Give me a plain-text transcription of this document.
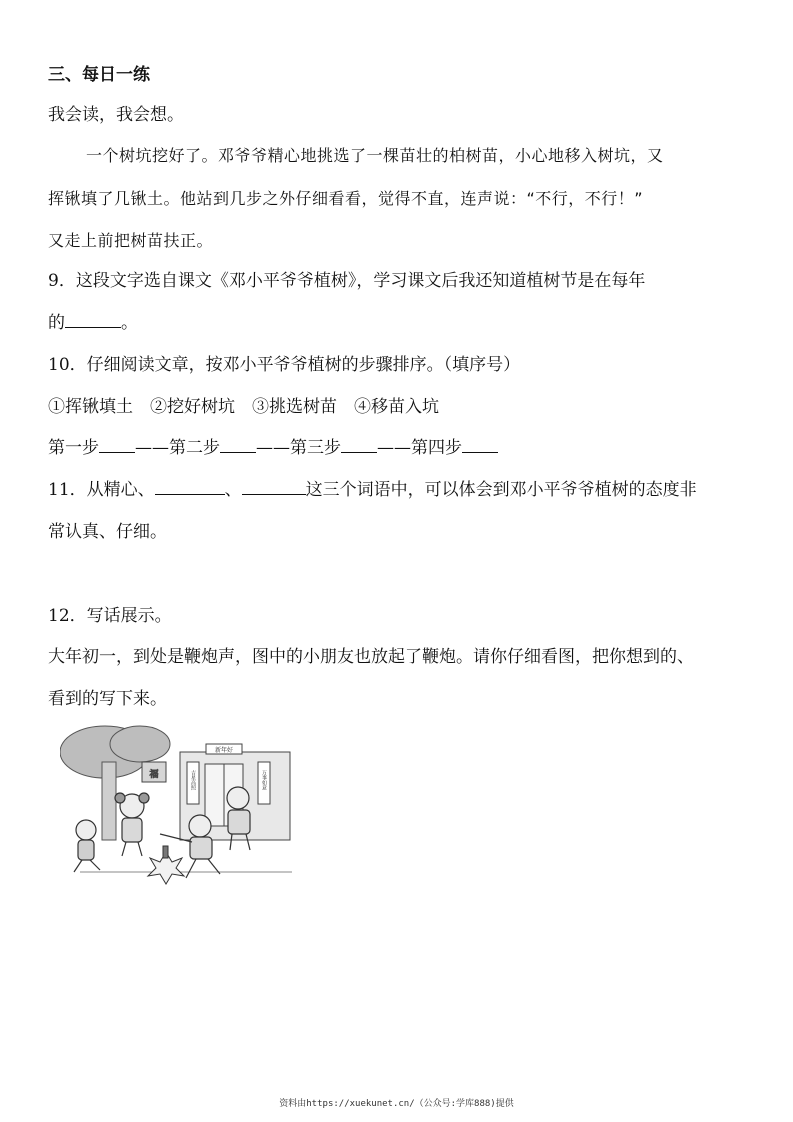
三、每日一练
我会读，我会想。
一个树坑挖好了。邓爷爷精心地挑选了一棵苗壮的柏树苗，小心地移入树坑，又
挥锹填了几锹土。他站到几步之外仔细看看，觉得不直，连声说：“不行，不行！”
又走上前把树苗扶正。
9．这段文字选自课文《邓小平爷爷植树》，学习课文后我还知道植树节是在每年
的	。
10．仔细阅读文章，按邓小平爷爷植树的步骤排序。（填序号）
①挥锹填土　②挖好树坑　③挑选树苗　④移苗入坑
第一步 ——第二步 ——第三步 ——第四步
11．从精心、	、	这三个词语中，可以体会到邓小平爷爷植树的态度非
常认真、仔细。
12．写话展示。
大年初一，到处是鞭炮声，图中的小朋友也放起了鞭炮。请你仔细看图，把你想到的、
看到的写下来。
福
新年好
吉星高照	万事如意
资料由https://xuekunet.cn/（公众号:学库888)提供
